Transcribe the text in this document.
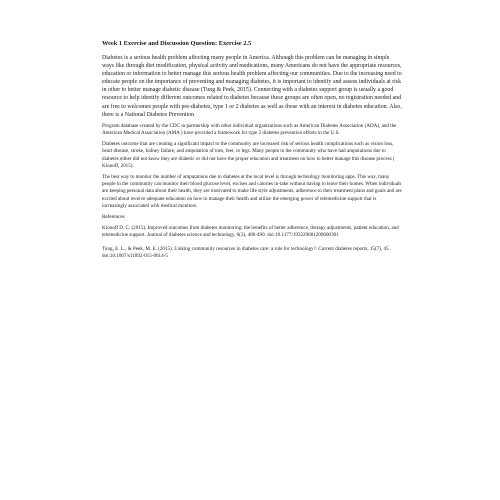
Week 1 Exercise and Discussion Question: Exercise 2.5

Diabetes is a serious health problem affecting many people in America. Although this problem can be managing in simple ways like through diet modification, physical activity and medications, many Americans do not have the appropriate resources, education or information to better manage this serious health problem affecting our communities. Due to the increasing need to educate people on the importance of preventing and managing diabetes, it is important to identify and assess individuals at risk in other to better manage diabetic disease (Tung & Peek, 2015). Connecting with a diabetes support group is usually a good resource to help identify different outcomes related to diabetes because these groups are often open, no registration needed and are free to welcomes people with pre-diabetes, type 1 or 2 diabetes as well as those with an interest in diabetes education. Also, there is a National Diabetes Prevention

Program database created by the CDC in partnership with other individual organizations such as American Diabetes Association (ADA), and the American Medical Association (AMA ) have provided a framework for type 2 diabetes prevention efforts in the U.S.

Diabetes outcome that are creating a significant impact to the community are increased risk of serious health complications such as vision loss, heart disease, stroke, kidney failure, and amputation of toes, feet, or legs. Many people in the community who have had amputations due to diabetes either did not know they are diabetic or did not have the proper education and treatment on how to better manage this disease process ( Klonoff, 2015).

The best way to monitor the number of amputations due to diabetes at the local level is through technology monitoring apps. This way, many people in the community can monitor their blood glucose level, excises and calories in-take without having to leave their homes. When individuals are keeping personal data about their health, they are motivated to make life style adjustments, adherence to their treatment plans and goals and are excited about receive adequate education on how to manage their health and utilize the emerging power of telemedicine support that is increasingly associated with medical monitors.

References

Klonoff D. C. (2015). Improved outcomes from diabetes monitoring: the benefits of better adherence, therapy adjustments, patient education, and telemedicine support. Journal of diabetes science and technology, 6(3), 486-490. doi:10.1177/193229681200600301

Tung, E. L., & Peek, M. E. (2015). Linking community resources in diabetes care: a role for technology?. Current diabetes reports, 15(7), 45. doi:10.1007/s11892-015-0614-5
